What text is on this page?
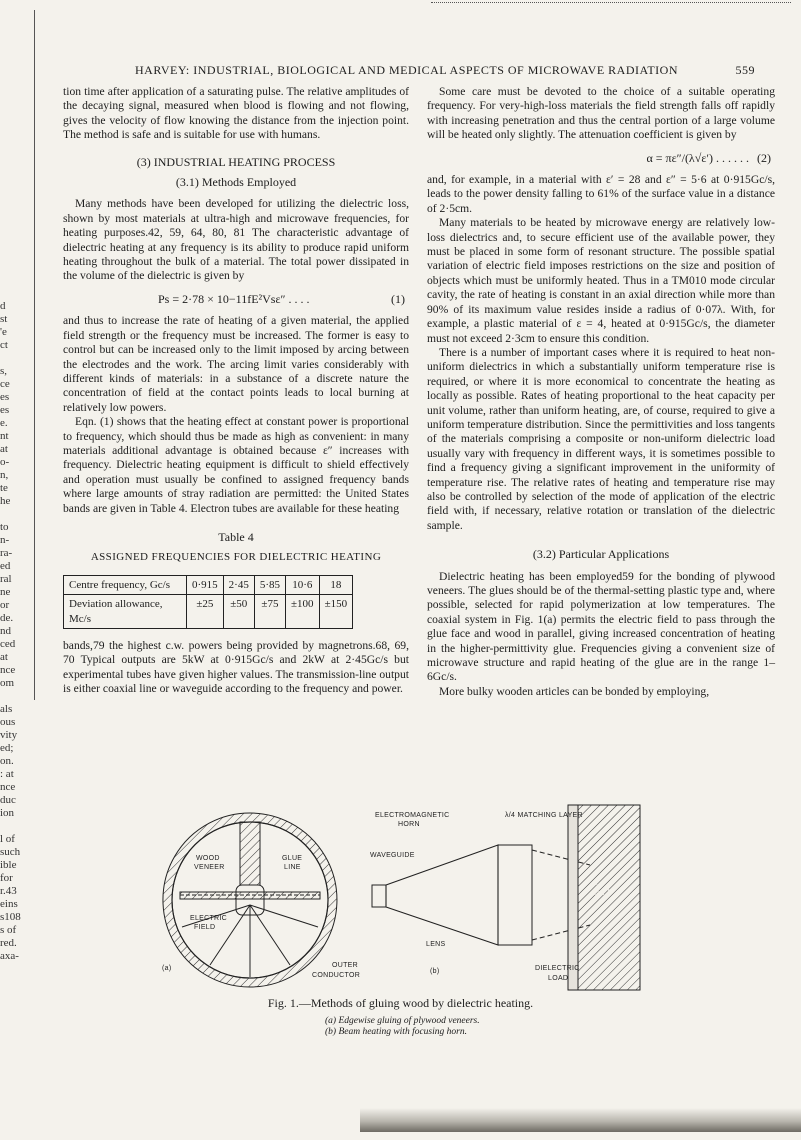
d
st
'e
ct
s,
ce
es
es
e.
nt
at
o-
n,
te
he
to
n-
ra-
ed
ral
ne
or
de.
nd
ced
at
nce
om
als
ous
vity
ed;
on.
: at
nce
duc
ion
l of
such
ible
for
r.43
eins
s108
s of
red.
axa-
HARVEY: INDUSTRIAL, BIOLOGICAL AND MEDICAL ASPECTS OF MICROWAVE RADIATION	559

tion time after application of a saturating pulse. The relative amplitudes of the decaying signal, measured when blood is flowing and not flowing, gives the velocity of flow knowing the distance from the injection point. The method is safe and is suitable for use with humans.

(3) INDUSTRIAL HEATING PROCESS
(3.1) Methods Employed

Many methods have been developed for utilizing the dielectric loss, shown by most materials at ultra-high and microwave frequencies, for heating purposes.42, 59, 64, 80, 81 The characteristic advantage of dielectric heating at any frequency is its ability to produce rapid uniform heating throughout the bulk of a material. The total power dissipated in the volume of the dielectric is given by

Ps = 2·78 × 10−11fE²Vsε″ . . . .	(1)

and thus to increase the rate of heating of a given material, the applied field strength or the frequency must be increased. The former is easy to control but can be increased only to the limit imposed by arcing between the electrodes and the work. The arcing limit varies considerably with different kinds of materials: in a substance of a discrete nature the concentration of field at the contact points leads to local burning at relatively low powers.

Eqn. (1) shows that the heating effect at constant power is proportional to frequency, which should thus be made as high as convenient: in many materials additional advantage is obtained because ε″ increases with frequency. Dielectric heating equipment is difficult to shield effectively and operation must usually be confined to assigned frequency bands where large amounts of stray radiation are permitted: the United States bands are given in Table 4. Electron tubes are available for these heating

Table 4
ASSIGNED FREQUENCIES FOR DIELECTRIC HEATING
Centre frequency, Gc/s	0·915	2·45	5·85	10·6	18
Deviation allowance, Mc/s	±25	±50	±75	±100	±150

bands,79 the highest c.w. powers being provided by magnetrons.68, 69, 70 Typical outputs are 5kW at 0·915Gc/s and 2kW at 2·45Gc/s but experimental tubes have given higher values. The transmission-line output is either coaxial line or waveguide according to the frequency and power.

Some care must be devoted to the choice of a suitable operating frequency. For very-high-loss materials the field strength falls off rapidly with increasing penetration and thus the central portion of a large volume will be heated only slightly. The attenuation coefficient is given by

α = πε″/(λ√ε′) . . . . . . (2)

and, for example, in a material with ε′ = 28 and ε″ = 5·6 at 0·915Gc/s, leads to the power density falling to 61% of the surface value in a distance of 2·5cm.

Many materials to be heated by microwave energy are relatively low-loss dielectrics and, to secure efficient use of the available power, they must be placed in some form of resonant structure. The possible spatial variation of electric field imposes restrictions on the size and position of objects which must be uniformly heated. Thus in a TM010 mode circular cavity, the rate of heating is constant in an axial direction while more than 90% of its maximum value resides inside a radius of 0·07λ. With, for example, a plastic material of ε = 4, heated at 0·915Gc/s, the diameter must not exceed 2·3cm to ensure this condition.

There is a number of important cases where it is required to heat non-uniform dielectrics in which a substantially uniform temperature rise is required, or where it is more economical to concentrate the heating as locally as possible. Rates of heating proportional to the heat capacity per unit volume, rather than uniform heating, are, of course, required to give a uniform temperature distribution. Since the permittivities and loss tangents of the materials comprising a composite or non-uniform dielectric load usually vary with frequency in different ways, it is sometimes possible to find a frequency giving a significant improvement in the uniformity of temperature rise. The relative rates of heating and temperature rise may also be controlled by selection of the mode of application of the electric field with, if necessary, relative rotation or translation of the dielectric sample.

(3.2) Particular Applications

Dielectric heating has been employed59 for the bonding of plywood veneers. The glues should be of the thermal-setting plastic type and, where possible, selected for rapid polymerization at low temperatures. The coaxial system in Fig. 1(a) permits the electric field to pass through the glue face and wood in parallel, giving increased concentration of heating in the higher-permittivity glue. Frequencies giving a convenient size of microwave structure and rapid heating of the glue are in the range 1–6Gc/s.

More bulky wooden articles can be bonded by employing,

WOOD
VENEER
GLUE
LINE
ELECTRIC
FIELD
OUTER
CONDUCTOR
(a)
ELECTROMAGNETIC
HORN
WAVEGUIDE
LENS
(b)
λ/4 MATCHING LAYER
DIELECTRIC
LOAD
ε,
tan δ
Fig. 1.—Methods of gluing wood by dielectric heating.
(a) Edgewise gluing of plywood veneers.
(b) Beam heating with focusing horn.
